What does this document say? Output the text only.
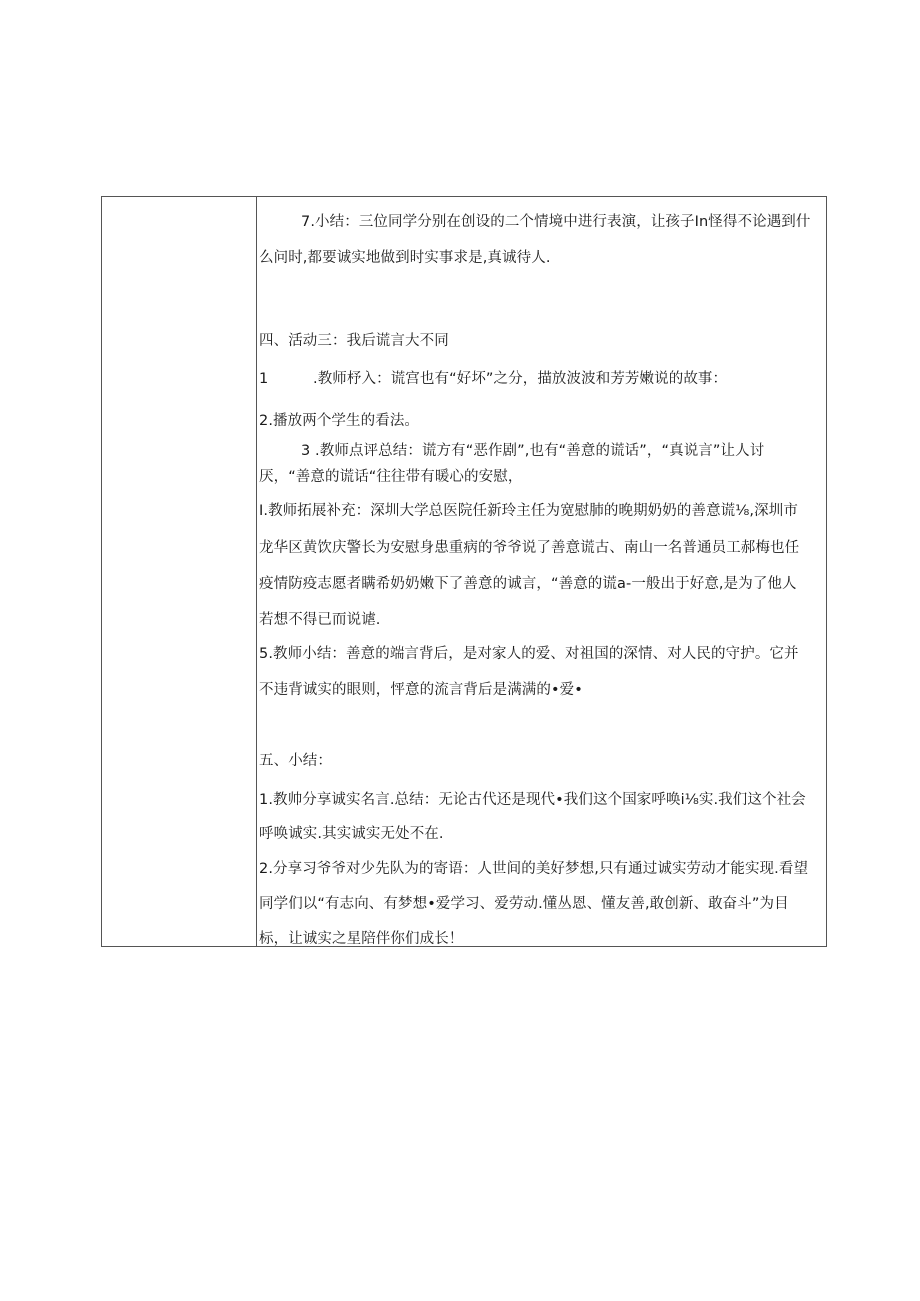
7.小结：三位同学分别在创设的二个情境中进行表演，让孩子In怪得不论遇到什
么问时,都要诚实地做到时实事求是,真诚待人.
四、活动三：我后谎言大不同
1	.教师杼入：谎宫也有“好坏”之分，描放波波和芳芳嫩说的故事：
2.播放两个学生的看法。
3 .教师点评总结：谎方有“恶作剧”,也有“善意的谎话”，“真说言”让人讨
厌，“善意的谎话“往往带有暖心的安慰，
I.教师拓展补充：深圳大学总医院任新玲主任为宽慰肺的晚期奶奶的善意谎⅛,深圳市
龙华区黄饮庆警长为安慰身患重病的爷爷说了善意谎古、南山一名普通员工郝梅也任
疫情防疫志愿者瞒希奶奶嫩下了善意的诚言，“善意的谎a-一般出于好意,是为了他人
若想不得已而说谑.
5.教师小结：善意的端言背后，是对家人的爱、对祖国的深情、对人民的守护。它并
不违背诚实的眼则，怦意的流言背后是满满的•爱•
五、小结：
1.教帅分享诚实名言.总结：无论古代还是现代•我们这个国家呼唤i⅛实.我们这个社会
呼唤诚实.其实诚实无处不在.
2.分享习爷爷对少先队为的寄语：人世间的美好梦想,只有通过诚实劳动才能实现.看望
同学们以“有志向、有梦想•爱学习、爱劳动.懂丛恩、懂友善,敢创新、敢奋斗”为目
标，让诚实之星陪伴你们成长！
